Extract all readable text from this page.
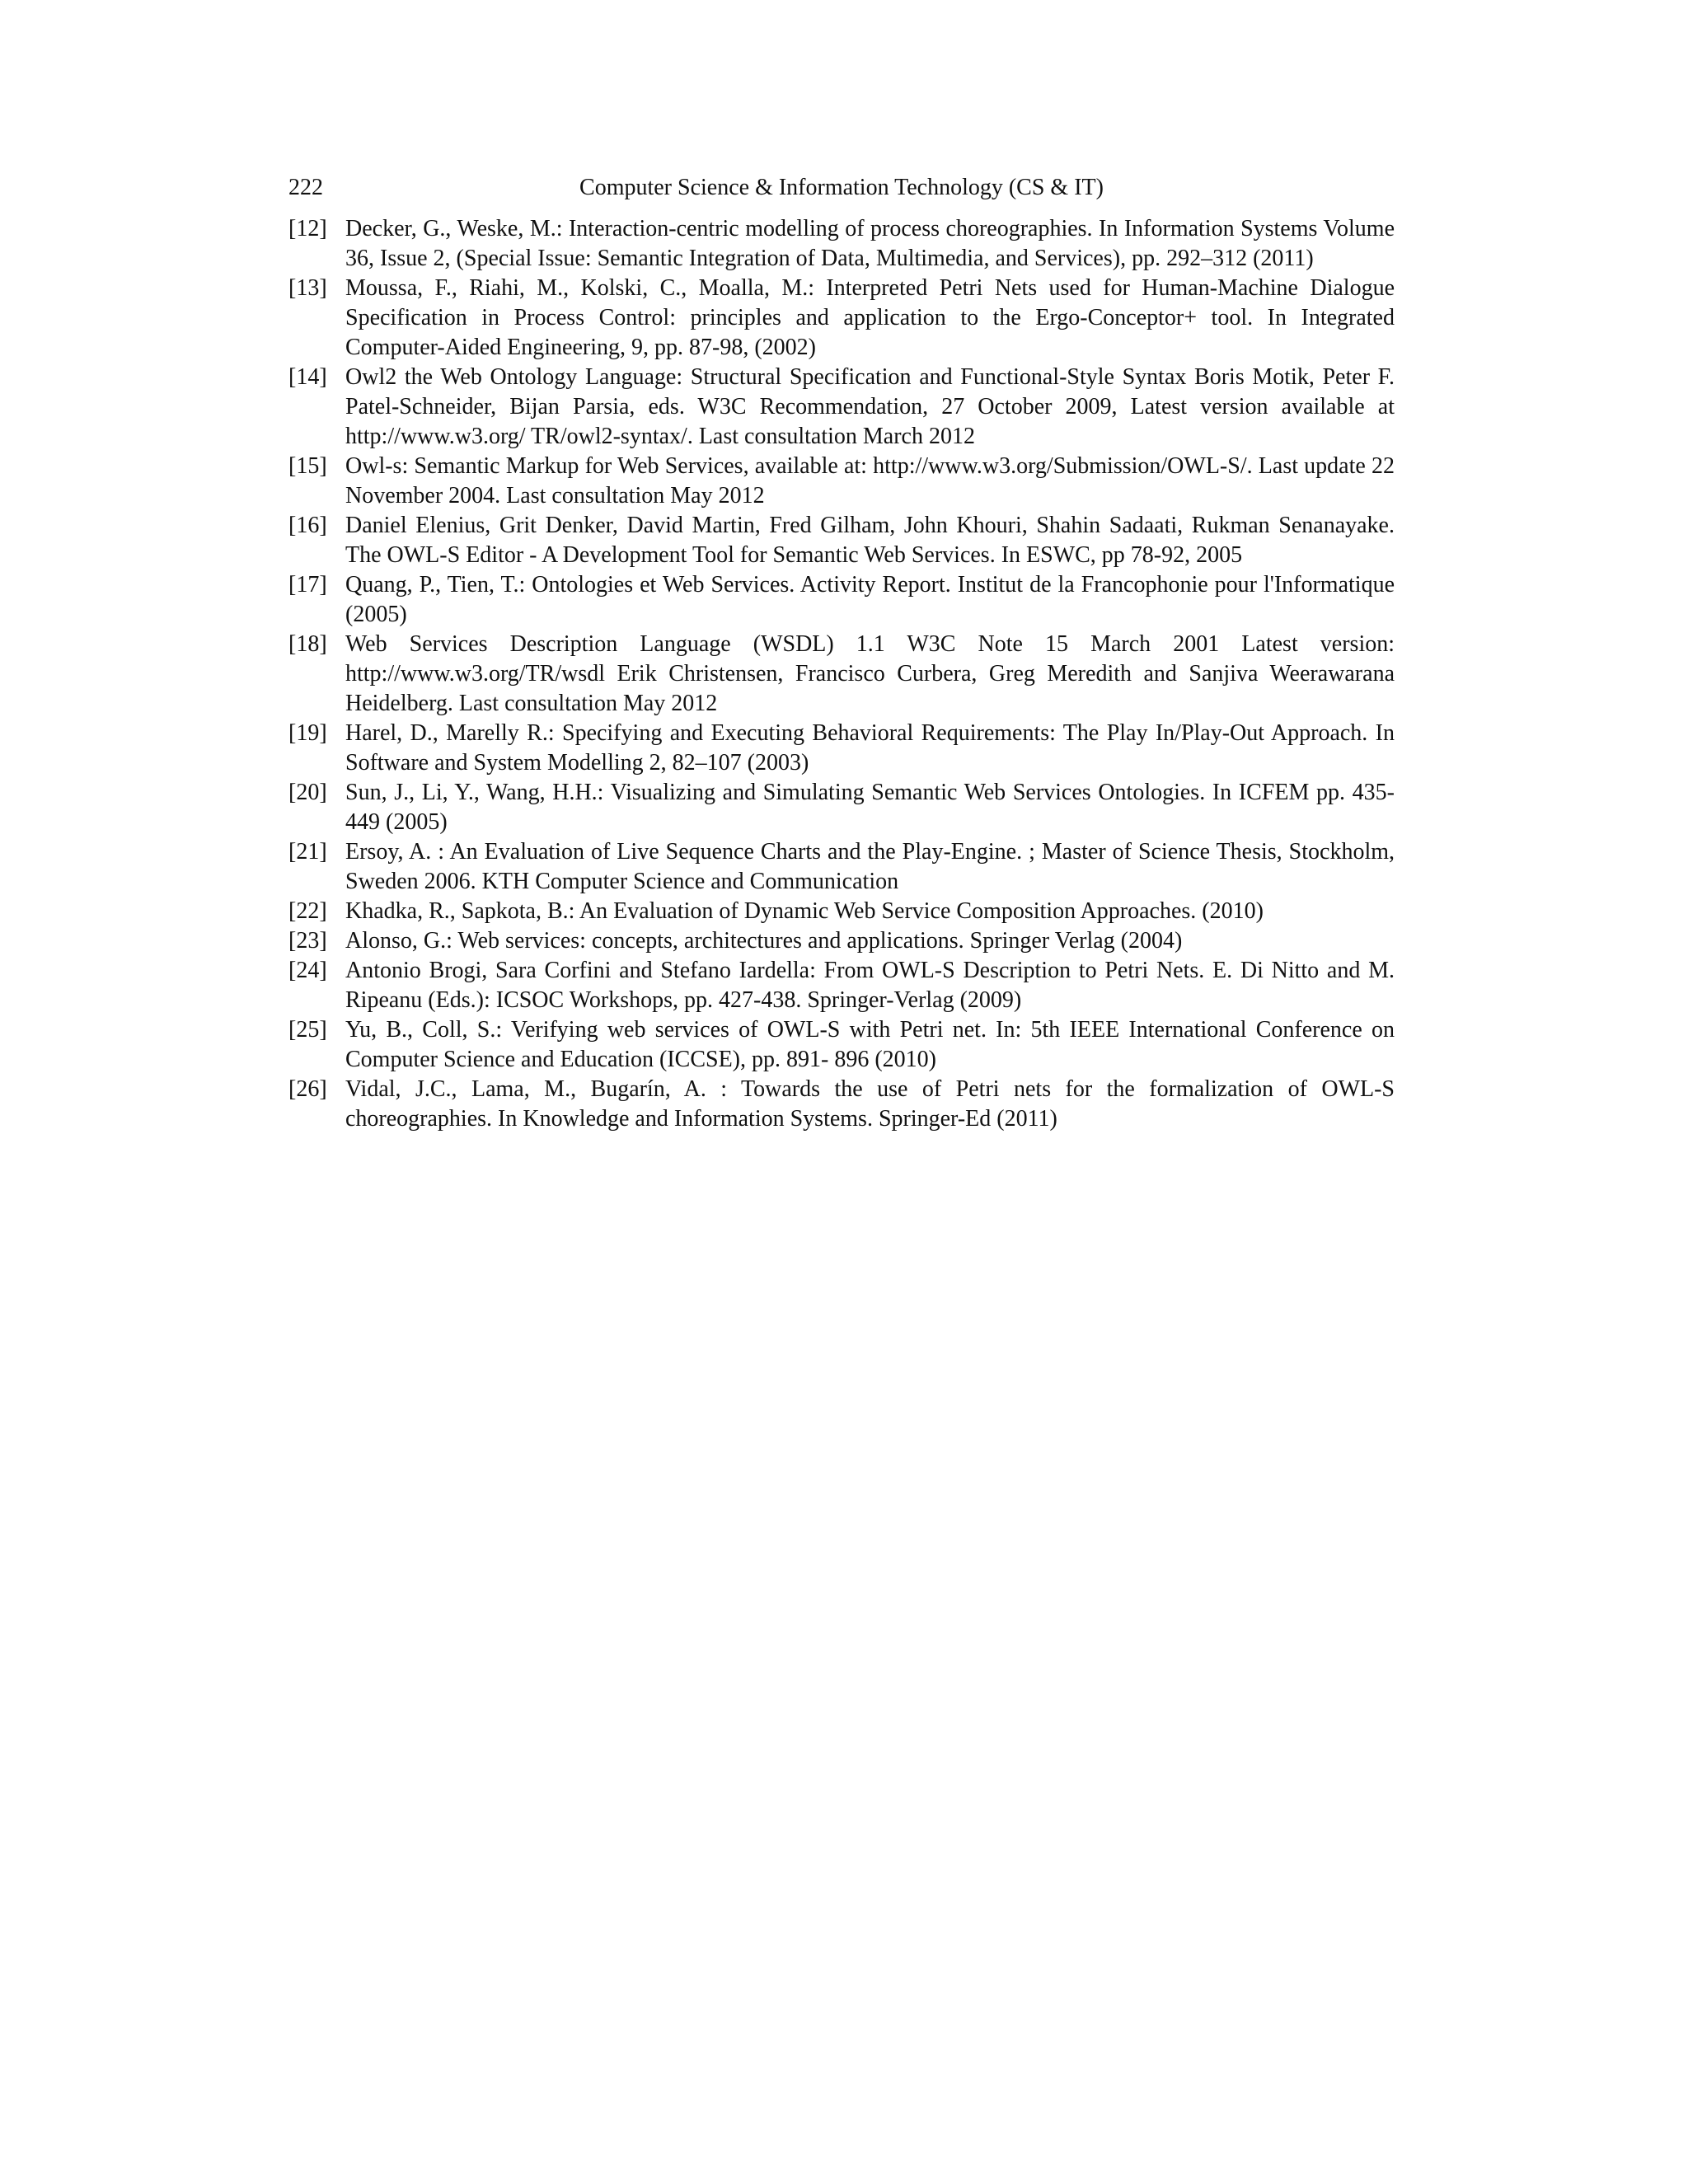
222	Computer Science & Information Technology (CS & IT)
[12] Decker, G., Weske, M.: Interaction-centric modelling of process choreographies. In Information Systems Volume 36, Issue 2, (Special Issue: Semantic Integration of Data, Multimedia, and Services), pp. 292–312 (2011)
[13] Moussa, F., Riahi, M., Kolski, C., Moalla, M.: Interpreted Petri Nets used for Human-Machine Dialogue Specification in Process Control: principles and application to the Ergo-Conceptor+ tool. In Integrated Computer-Aided Engineering, 9, pp. 87-98, (2002)
[14] Owl2 the Web Ontology Language: Structural Specification and Functional-Style Syntax Boris Motik, Peter F. Patel-Schneider, Bijan Parsia, eds. W3C Recommendation, 27 October 2009, Latest version available at http://www.w3.org/ TR/owl2-syntax/. Last consultation March 2012
[15] Owl-s: Semantic Markup for Web Services, available at: http://www.w3.org/Submission/OWL-S/. Last update 22 November 2004. Last consultation May 2012
[16] Daniel Elenius, Grit Denker, David Martin, Fred Gilham, John Khouri, Shahin Sadaati, Rukman Senanayake. The OWL-S Editor - A Development Tool for Semantic Web Services. In ESWC, pp 78-92, 2005
[17] Quang, P., Tien, T.: Ontologies et Web Services. Activity Report. Institut de la Francophonie pour l'Informatique (2005)
[18] Web Services Description Language (WSDL) 1.1 W3C Note 15 March 2001 Latest version: http://www.w3.org/TR/wsdl Erik Christensen, Francisco Curbera, Greg Meredith and Sanjiva Weerawarana Heidelberg. Last consultation May 2012
[19] Harel, D., Marelly R.: Specifying and Executing Behavioral Requirements: The Play In/Play-Out Approach. In Software and System Modelling 2, 82–107 (2003)
[20] Sun, J., Li, Y., Wang, H.H.: Visualizing and Simulating Semantic Web Services Ontologies. In ICFEM pp. 435-449 (2005)
[21] Ersoy, A. : An Evaluation of Live Sequence Charts and the Play-Engine. ; Master of Science Thesis, Stockholm, Sweden 2006. KTH Computer Science and Communication
[22] Khadka, R., Sapkota, B.: An Evaluation of Dynamic Web Service Composition Approaches. (2010)
[23] Alonso, G.: Web services: concepts, architectures and applications. Springer Verlag (2004)
[24] Antonio Brogi, Sara Corfini and Stefano Iardella: From OWL-S Description to Petri Nets. E. Di Nitto and M. Ripeanu (Eds.): ICSOC Workshops, pp. 427-438. Springer-Verlag (2009)
[25] Yu, B., Coll, S.: Verifying web services of OWL-S with Petri net. In: 5th IEEE International Conference on Computer Science and Education (ICCSE), pp. 891- 896 (2010)
[26] Vidal, J.C., Lama, M., Bugarín, A. : Towards the use of Petri nets for the formalization of OWL-S choreographies. In Knowledge and Information Systems. Springer-Ed (2011)
